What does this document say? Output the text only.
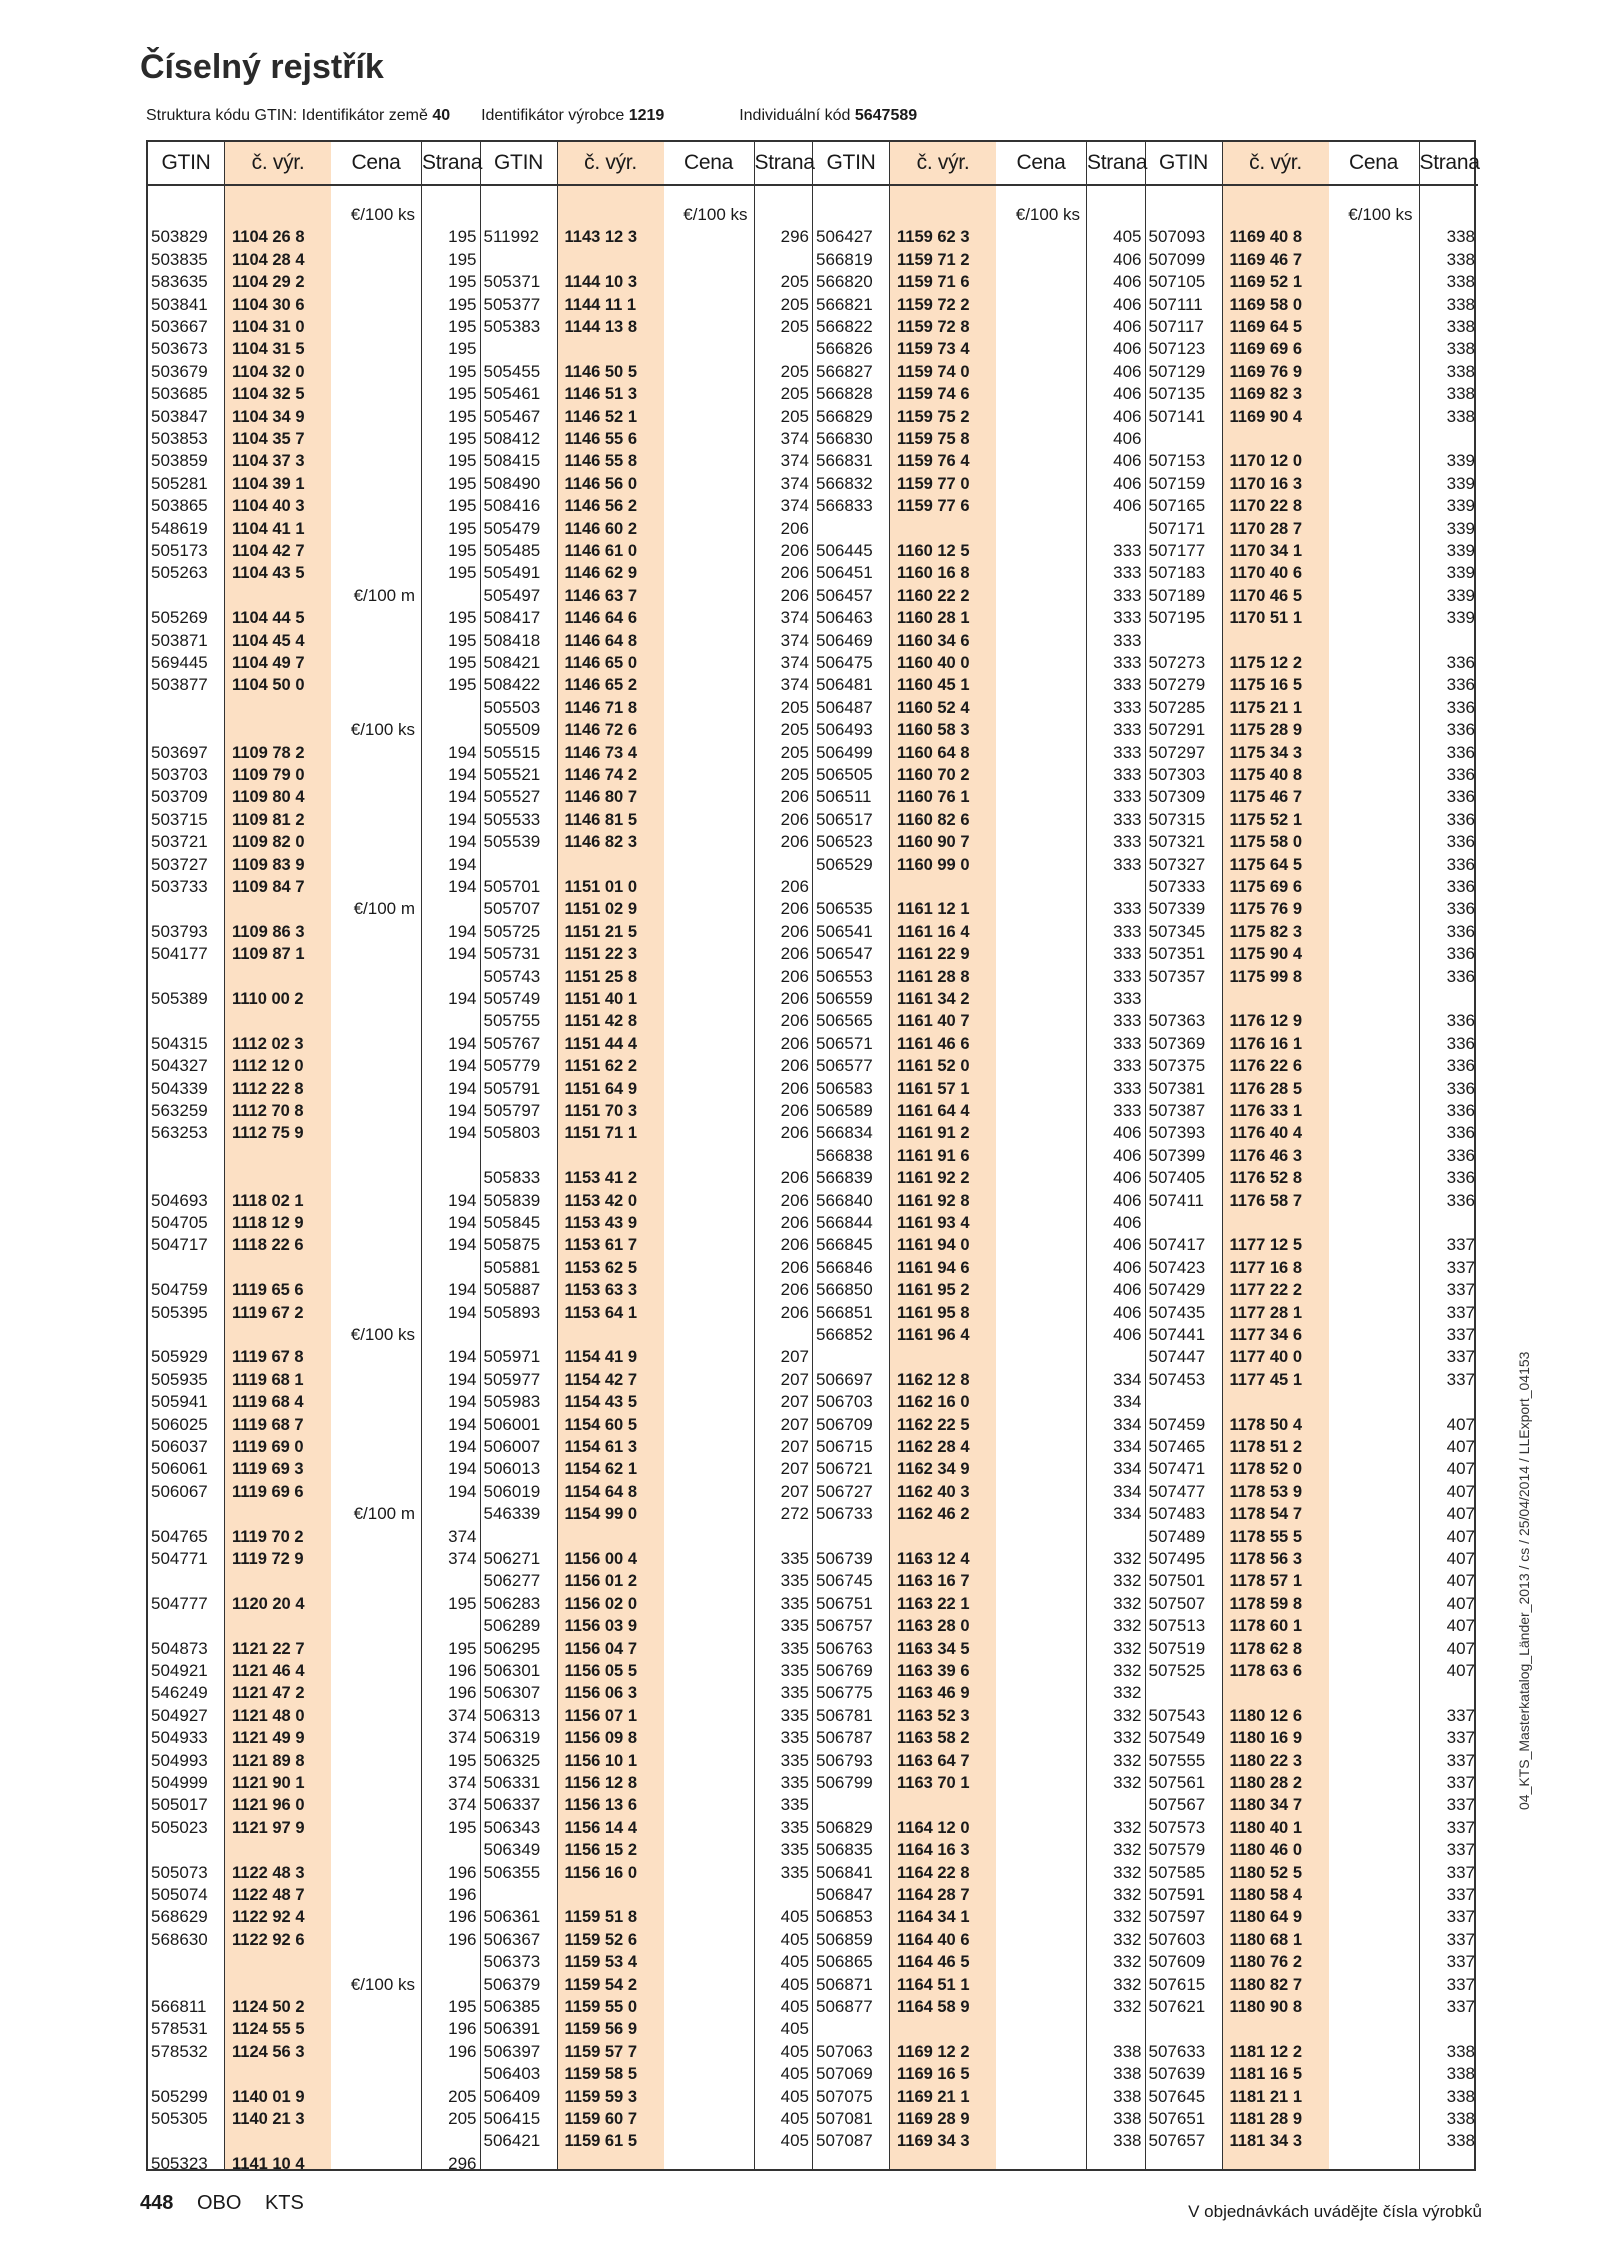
Číselný rejstřík
Struktura kódu GTIN: Identifikátor země 40 Identifikátor výrobce 1219	Individuální kód 5647589
GTIN
503829
503835
583635
503841
503667
503673
503679
503685
503847
503853
503859
505281
503865
548619
505173
505263
505269
503871
569445
503877
503697
503703
503709
503715
503721
503727
503733
503793
504177
505389
504315
504327
504339
563259
563253
504693
504705
504717
504759
505395
505929
505935
505941
506025
506037
506061
506067
504765
504771
504777
504873
504921
546249
504927
504933
504993
504999
505017
505023
505073
505074
568629
568630
566811
578531
578532
505299
505305
505323
č. výr.
1104 26 8
1104 28 4
1104 29 2
1104 30 6
1104 31 0
1104 31 5
1104 32 0
1104 32 5
1104 34 9
1104 35 7
1104 37 3
1104 39 1
1104 40 3
1104 41 1
1104 42 7
1104 43 5
1104 44 5
1104 45 4
1104 49 7
1104 50 0
1109 78 2
1109 79 0
1109 80 4
1109 81 2
1109 82 0
1109 83 9
1109 84 7
1109 86 3
1109 87 1
1110 00 2
1112 02 3
1112 12 0
1112 22 8
1112 70 8
1112 75 9
1118 02 1
1118 12 9
1118 22 6
1119 65 6
1119 67 2
1119 67 8
1119 68 1
1119 68 4
1119 68 7
1119 69 0
1119 69 3
1119 69 6
1119 70 2
1119 72 9
1120 20 4
1121 22 7
1121 46 4
1121 47 2
1121 48 0
1121 49 9
1121 89 8
1121 90 1
1121 96 0
1121 97 9
1122 48 3
1122 48 7
1122 92 4
1122 92 6
1124 50 2
1124 55 5
1124 56 3
1140 01 9
1140 21 3
1141 10 4
Cena
€/100 ks
€/100 m
€/100 ks
€/100 m
€/100 ks
€/100 m
€/100 ks
Strana
195
195
195
195
195
195
195
195
195
195
195
195
195
195
195
195
195
195
195
195
194
194
194
194
194
194
194
194
194
194
194
194
194
194
194
194
194
194
194
194
194
194
194
194
194
194
194
374
374
195
195
196
196
374
374
195
374
374
195
196
196
196
196
195
196
196
205
205
296
GTIN
511992
505371
505377
505383
505455
505461
505467
508412
508415
508490
508416
505479
505485
505491
505497
508417
508418
508421
508422
505503
505509
505515
505521
505527
505533
505539
505701
505707
505725
505731
505743
505749
505755
505767
505779
505791
505797
505803
505833
505839
505845
505875
505881
505887
505893
505971
505977
505983
506001
506007
506013
506019
546339
506271
506277
506283
506289
506295
506301
506307
506313
506319
506325
506331
506337
506343
506349
506355
506361
506367
506373
506379
506385
506391
506397
506403
506409
506415
506421
č. výr.
1143 12 3
1144 10 3
1144 11 1
1144 13 8
1146 50 5
1146 51 3
1146 52 1
1146 55 6
1146 55 8
1146 56 0
1146 56 2
1146 60 2
1146 61 0
1146 62 9
1146 63 7
1146 64 6
1146 64 8
1146 65 0
1146 65 2
1146 71 8
1146 72 6
1146 73 4
1146 74 2
1146 80 7
1146 81 5
1146 82 3
1151 01 0
1151 02 9
1151 21 5
1151 22 3
1151 25 8
1151 40 1
1151 42 8
1151 44 4
1151 62 2
1151 64 9
1151 70 3
1151 71 1
1153 41 2
1153 42 0
1153 43 9
1153 61 7
1153 62 5
1153 63 3
1153 64 1
1154 41 9
1154 42 7
1154 43 5
1154 60 5
1154 61 3
1154 62 1
1154 64 8
1154 99 0
1156 00 4
1156 01 2
1156 02 0
1156 03 9
1156 04 7
1156 05 5
1156 06 3
1156 07 1
1156 09 8
1156 10 1
1156 12 8
1156 13 6
1156 14 4
1156 15 2
1156 16 0
1159 51 8
1159 52 6
1159 53 4
1159 54 2
1159 55 0
1159 56 9
1159 57 7
1159 58 5
1159 59 3
1159 60 7
1159 61 5
Cena
€/100 ks
Strana
296
205
205
205
205
205
205
374
374
374
374
206
206
206
206
374
374
374
374
205
205
205
205
206
206
206
206
206
206
206
206
206
206
206
206
206
206
206
206
206
206
206
206
206
206
207
207
207
207
207
207
207
272
335
335
335
335
335
335
335
335
335
335
335
335
335
335
335
405
405
405
405
405
405
405
405
405
405
405
GTIN
506427
566819
566820
566821
566822
566826
566827
566828
566829
566830
566831
566832
566833
506445
506451
506457
506463
506469
506475
506481
506487
506493
506499
506505
506511
506517
506523
506529
506535
506541
506547
506553
506559
506565
506571
506577
506583
506589
566834
566838
566839
566840
566844
566845
566846
566850
566851
566852
506697
506703
506709
506715
506721
506727
506733
506739
506745
506751
506757
506763
506769
506775
506781
506787
506793
506799
506829
506835
506841
506847
506853
506859
506865
506871
506877
507063
507069
507075
507081
507087
č. výr.
1159 62 3
1159 71 2
1159 71 6
1159 72 2
1159 72 8
1159 73 4
1159 74 0
1159 74 6
1159 75 2
1159 75 8
1159 76 4
1159 77 0
1159 77 6
1160 12 5
1160 16 8
1160 22 2
1160 28 1
1160 34 6
1160 40 0
1160 45 1
1160 52 4
1160 58 3
1160 64 8
1160 70 2
1160 76 1
1160 82 6
1160 90 7
1160 99 0
1161 12 1
1161 16 4
1161 22 9
1161 28 8
1161 34 2
1161 40 7
1161 46 6
1161 52 0
1161 57 1
1161 64 4
1161 91 2
1161 91 6
1161 92 2
1161 92 8
1161 93 4
1161 94 0
1161 94 6
1161 95 2
1161 95 8
1161 96 4
1162 12 8
1162 16 0
1162 22 5
1162 28 4
1162 34 9
1162 40 3
1162 46 2
1163 12 4
1163 16 7
1163 22 1
1163 28 0
1163 34 5
1163 39 6
1163 46 9
1163 52 3
1163 58 2
1163 64 7
1163 70 1
1164 12 0
1164 16 3
1164 22 8
1164 28 7
1164 34 1
1164 40 6
1164 46 5
1164 51 1
1164 58 9
1169 12 2
1169 16 5
1169 21 1
1169 28 9
1169 34 3
Cena
€/100 ks
Strana
405
406
406
406
406
406
406
406
406
406
406
406
406
333
333
333
333
333
333
333
333
333
333
333
333
333
333
333
333
333
333
333
333
333
333
333
333
333
406
406
406
406
406
406
406
406
406
406
334
334
334
334
334
334
334
332
332
332
332
332
332
332
332
332
332
332
332
332
332
332
332
332
332
332
332
338
338
338
338
338
GTIN
507093
507099
507105
507111
507117
507123
507129
507135
507141
507153
507159
507165
507171
507177
507183
507189
507195
507273
507279
507285
507291
507297
507303
507309
507315
507321
507327
507333
507339
507345
507351
507357
507363
507369
507375
507381
507387
507393
507399
507405
507411
507417
507423
507429
507435
507441
507447
507453
507459
507465
507471
507477
507483
507489
507495
507501
507507
507513
507519
507525
507543
507549
507555
507561
507567
507573
507579
507585
507591
507597
507603
507609
507615
507621
507633
507639
507645
507651
507657
č. výr.
1169 40 8
1169 46 7
1169 52 1
1169 58 0
1169 64 5
1169 69 6
1169 76 9
1169 82 3
1169 90 4
1170 12 0
1170 16 3
1170 22 8
1170 28 7
1170 34 1
1170 40 6
1170 46 5
1170 51 1
1175 12 2
1175 16 5
1175 21 1
1175 28 9
1175 34 3
1175 40 8
1175 46 7
1175 52 1
1175 58 0
1175 64 5
1175 69 6
1175 76 9
1175 82 3
1175 90 4
1175 99 8
1176 12 9
1176 16 1
1176 22 6
1176 28 5
1176 33 1
1176 40 4
1176 46 3
1176 52 8
1176 58 7
1177 12 5
1177 16 8
1177 22 2
1177 28 1
1177 34 6
1177 40 0
1177 45 1
1178 50 4
1178 51 2
1178 52 0
1178 53 9
1178 54 7
1178 55 5
1178 56 3
1178 57 1
1178 59 8
1178 60 1
1178 62 8
1178 63 6
1180 12 6
1180 16 9
1180 22 3
1180 28 2
1180 34 7
1180 40 1
1180 46 0
1180 52 5
1180 58 4
1180 64 9
1180 68 1
1180 76 2
1180 82 7
1180 90 8
1181 12 2
1181 16 5
1181 21 1
1181 28 9
1181 34 3
Cena
€/100 ks
Strana
338
338
338
338
338
338
338
338
338
339
339
339
339
339
339
339
339
336
336
336
336
336
336
336
336
336
336
336
336
336
336
336
336
336
336
336
336
336
336
336
336
337
337
337
337
337
337
337
407
407
407
407
407
407
407
407
407
407
407
407
337
337
337
337
337
337
337
337
337
337
337
337
337
337
338
338
338
338
338
448 OBO KTS	V objednávkách uvádějte čísla výrobků
04_KTS_Masterkatalog_Länder_2013 / cs / 25/04/2014 / LLExport_04153
